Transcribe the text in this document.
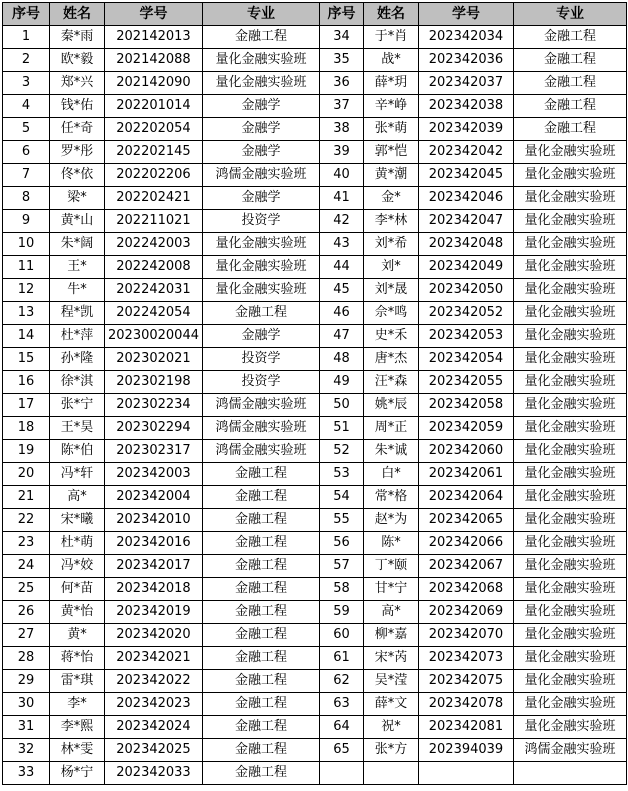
序号	姓名	学号	专业	序号	姓名	学号	专业
1	秦*雨	202142013	金融工程	34	于*肖	202342034	金融工程
2	欧*毅	202142088	量化金融实验班	35	战*	202342036	金融工程
3	郑*兴	202142090	量化金融实验班	36	薛*玥	202342037	金融工程
4	钱*佑	202201014	金融学	37	辛*峥	202342038	金融工程
5	任*奇	202202054	金融学	38	张*萌	202342039	金融工程
6	罗*彤	202202145	金融学	39	郭*恺	202342042	量化金融实验班
7	佟*依	202202206	鸿儒金融实验班	40	黄*潮	202342045	量化金融实验班
8	梁*	202202421	金融学	41	金*	202342046	量化金融实验班
9	黄*山	202211021	投资学	42	李*林	202342047	量化金融实验班
10	朱*阔	202242003	量化金融实验班	43	刘*希	202342048	量化金融实验班
11	王*	202242008	量化金融实验班	44	刘*	202342049	量化金融实验班
12	牛*	202242031	量化金融实验班	45	刘*晟	202342050	量化金融实验班
13	程*凯	202242054	金融工程	46	佘*鸣	202342052	量化金融实验班
14	杜*萍	20230020044	金融学	47	史*禾	202342053	量化金融实验班
15	孙*隆	202302021	投资学	48	唐*杰	202342054	量化金融实验班
16	徐*淇	202302198	投资学	49	汪*森	202342055	量化金融实验班
17	张*宁	202302234	鸿儒金融实验班	50	姚*辰	202342058	量化金融实验班
18	王*昊	202302294	鸿儒金融实验班	51	周*正	202342059	量化金融实验班
19	陈*伯	202302317	鸿儒金融实验班	52	朱*诚	202342060	量化金融实验班
20	冯*轩	202342003	金融工程	53	白*	202342061	量化金融实验班
21	高*	202342004	金融工程	54	常*格	202342064	量化金融实验班
22	宋*曦	202342010	金融工程	55	赵*为	202342065	量化金融实验班
23	杜*萌	202342016	金融工程	56	陈*	202342066	量化金融实验班
24	冯*姣	202342017	金融工程	57	丁*颐	202342067	量化金融实验班
25	何*苗	202342018	金融工程	58	甘*宁	202342068	量化金融实验班
26	黄*怡	202342019	金融工程	59	高*	202342069	量化金融实验班
27	黄*	202342020	金融工程	60	柳*嘉	202342070	量化金融实验班
28	蒋*怡	202342021	金融工程	61	宋*芮	202342073	量化金融实验班
29	雷*琪	202342022	金融工程	62	吴*滢	202342075	量化金融实验班
30	李*	202342023	金融工程	63	薛*文	202342078	量化金融实验班
31	李*熙	202342024	金融工程	64	祝*	202342081	量化金融实验班
32	林*雯	202342025	金融工程	65	张*方	202394039	鸿儒金融实验班
33	杨*宁	202342033	金融工程				
